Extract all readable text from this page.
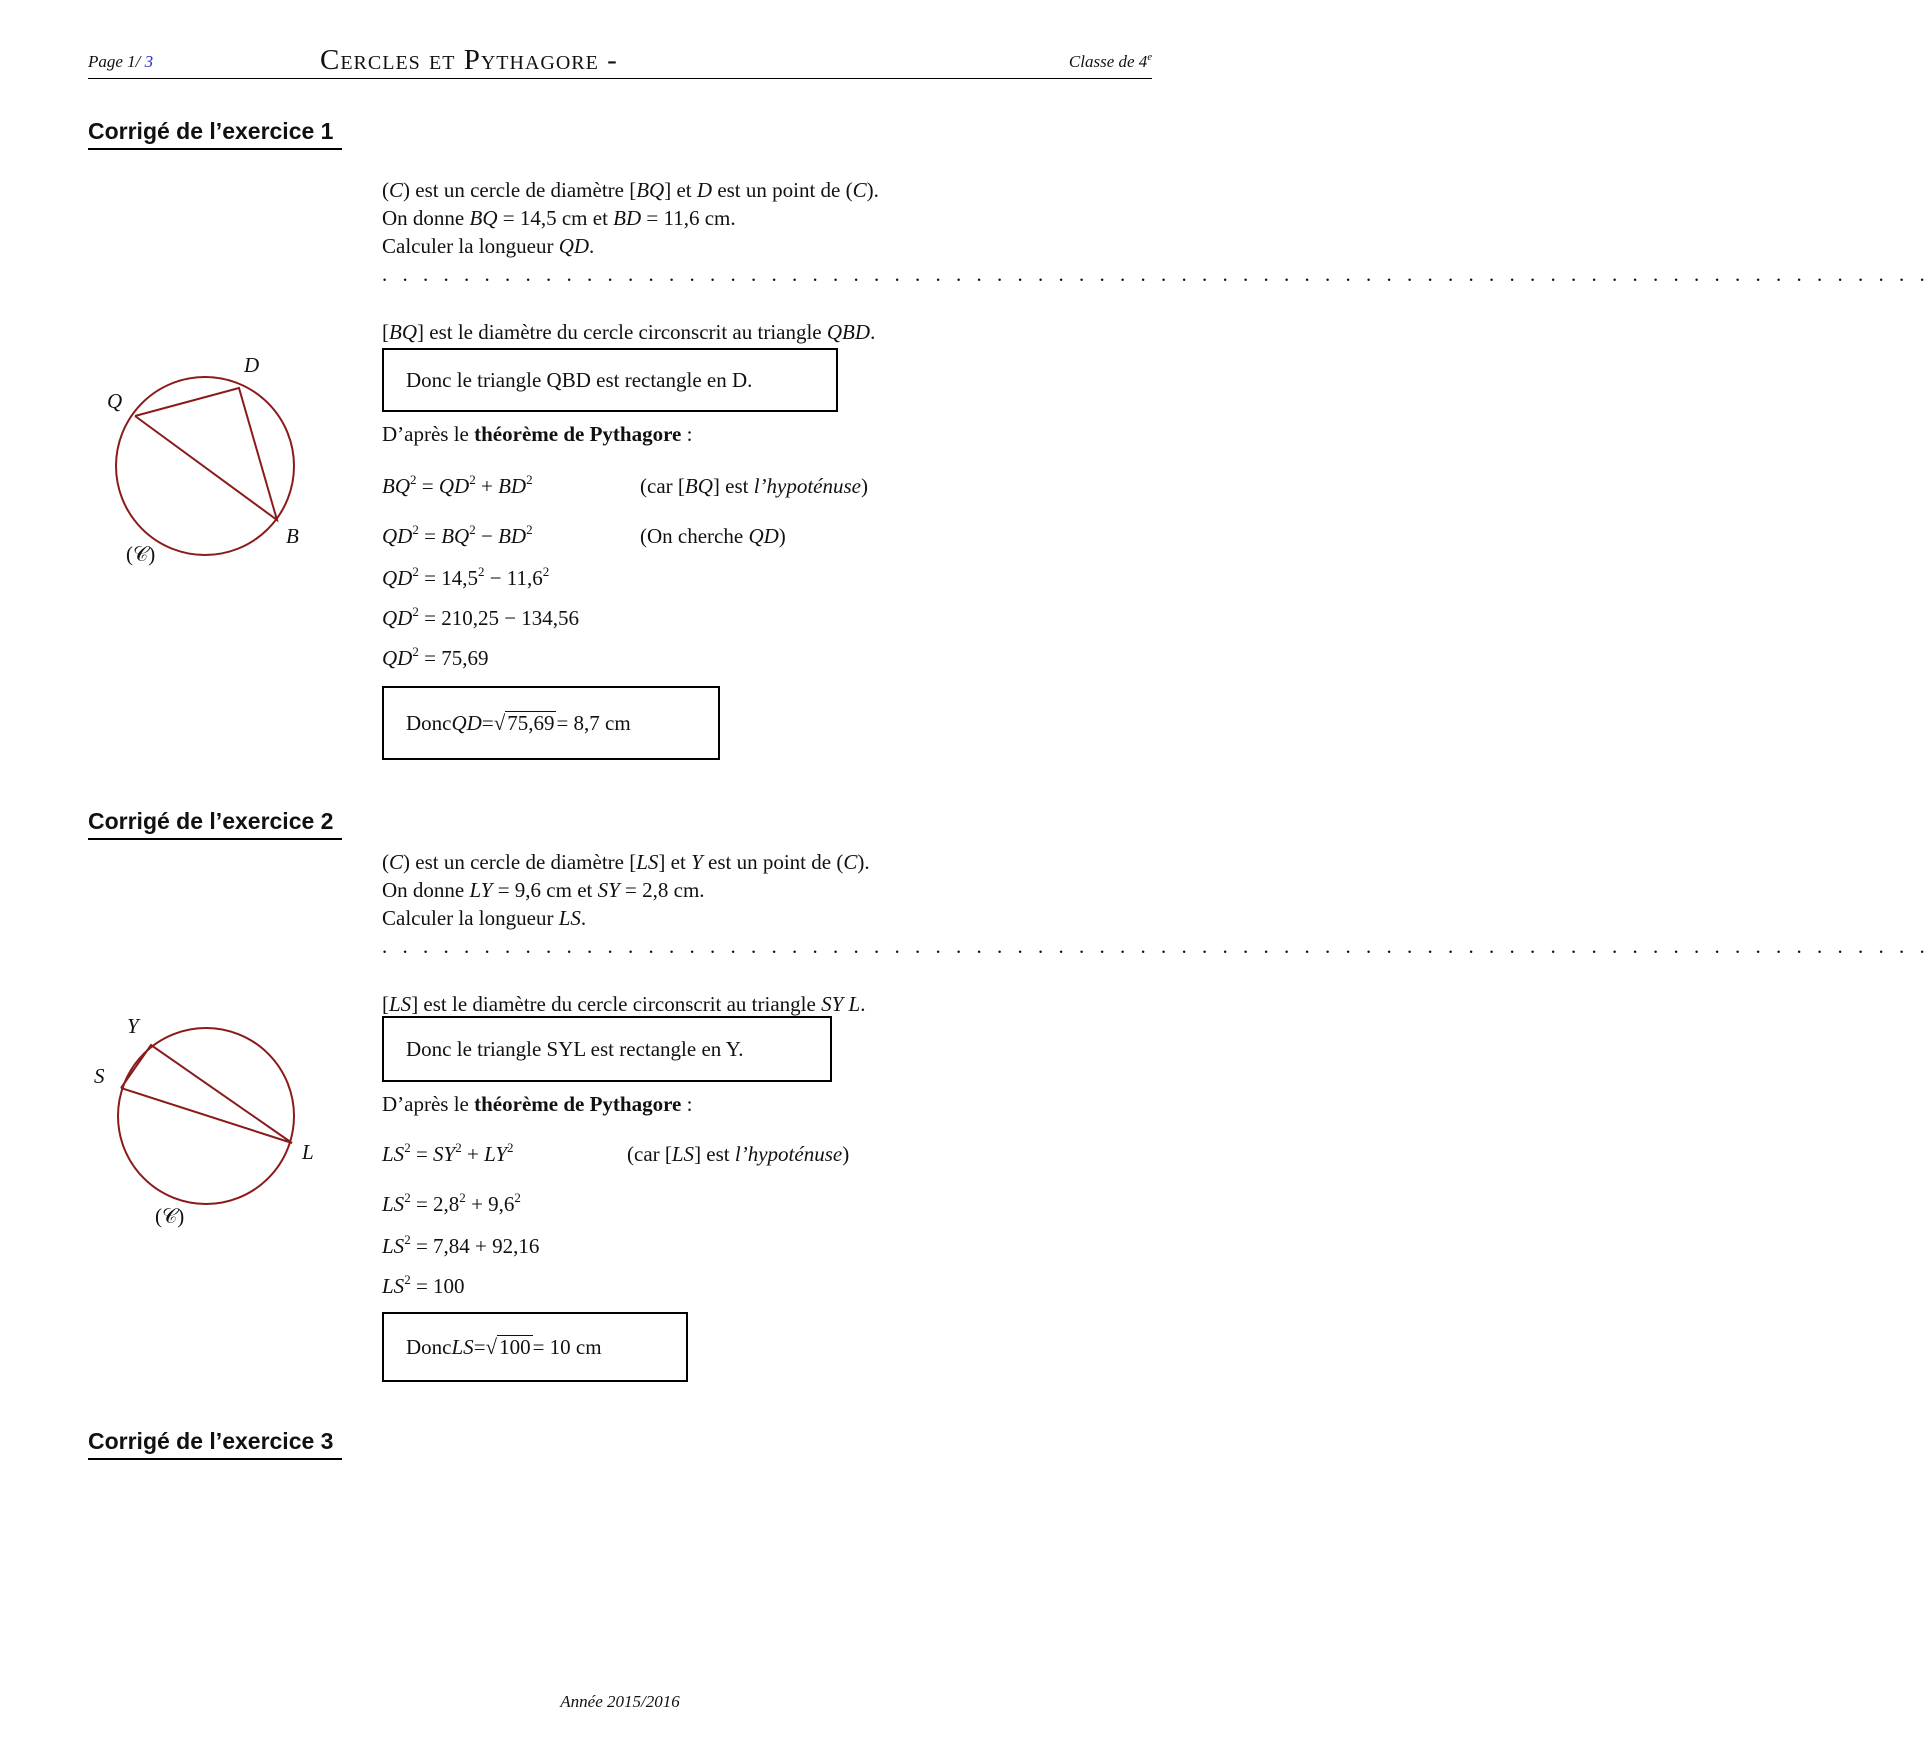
Page 1/ 3	Cercles et Pythagore -	Classe de 4e
Corrigé de l’exercice 1
(C) est un cercle de diamètre [BQ] et D est un point de (C).
On donne BQ = 14,5 cm et BD = 11,6 cm.
Calculer la longueur QD.
. . . . . . . . . . . . . . . . . . . . . . . . . . . . . . . . . . . . . . . . . . . . . . . . . . . . . . . . . . . . . . . . . . . . . . . . . . . .
[BQ] est le diamètre du cercle circonscrit au triangle QBD.
Donc le triangle QBD est rectangle en D.
D’après le théorème de Pythagore :
$BQ^2 = QD^2 + BD^2$	(car [BQ] est l’hypoténuse)
$QD^2 = BQ^2 - BD^2$	(On cherche QD)
$QD^2 = 14,5^2 - 11,6^2$
$QD^2 = 210,25 - 134,56$
$QD^2 = 75,69$
Donc QD = √75,69 = 8,7 cm
D
Q
B
(𝒞)
Corrigé de l’exercice 2
(C) est un cercle de diamètre [LS] et Y est un point de (C).
On donne LY = 9,6 cm et SY = 2,8 cm.
Calculer la longueur LS.
. . . . . . . . . . . . . . . . . . . . . . . . . . . . . . . . . . . . . . . . . . . . . . . . . . . . . . . . . . . . . . . . . . . . . . . . . . . .
[LS] est le diamètre du cercle circonscrit au triangle SY L.
Donc le triangle SYL est rectangle en Y.
D’après le théorème de Pythagore :
$LS^2 = SY^2 + LY^2$	(car [LS] est l’hypoténuse)
$LS^2 = 2,8^2 + 9,6^2$
$LS^2 = 7,84 + 92,16$
$LS^2 = 100$
Donc LS = √100 = 10 cm
Y
S
L
(𝒞)
Corrigé de l’exercice 3
Année 2015/2016
